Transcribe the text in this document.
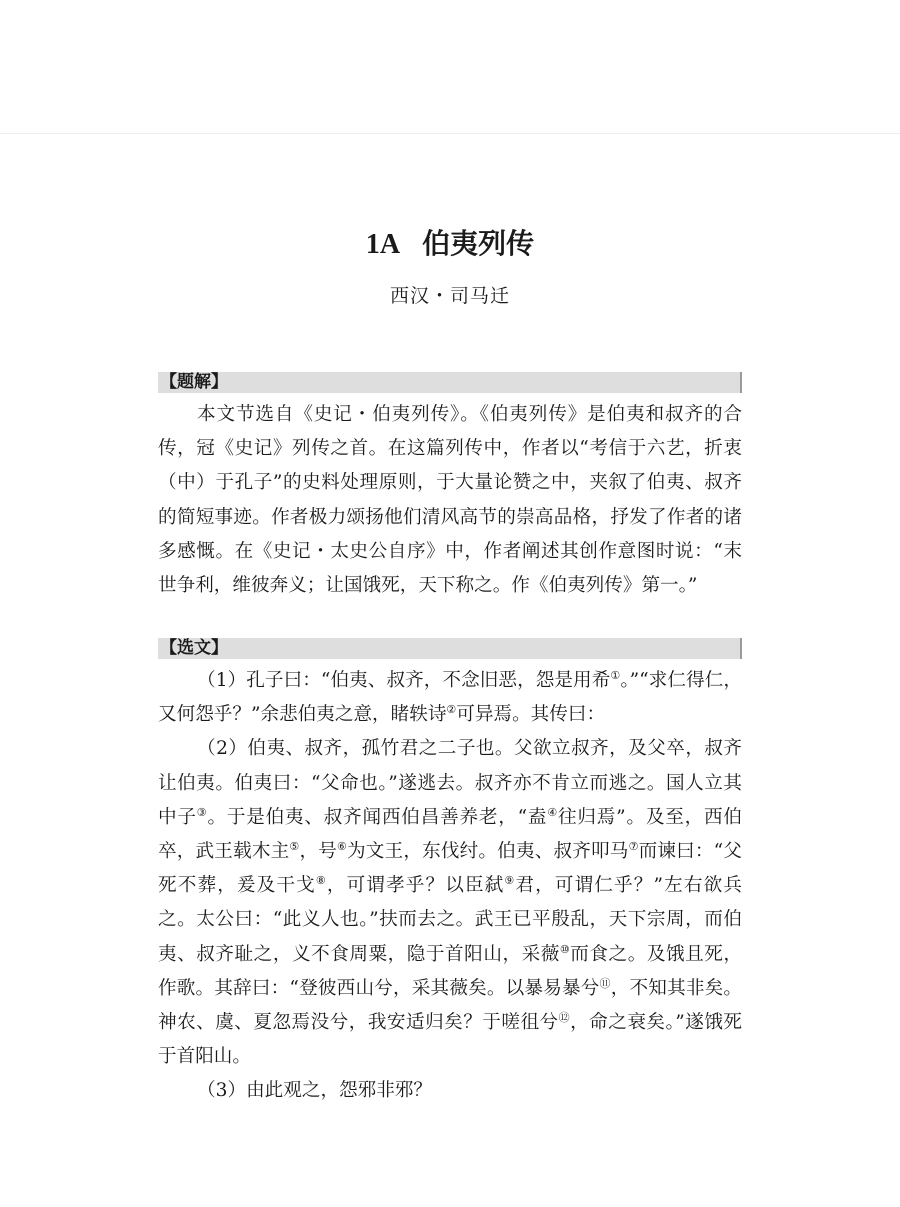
1A 伯夷列传
西汉・司马迁
【题解】

本文节选自《史记・伯夷列传》。《伯夷列传》是伯夷和叔齐的合传，冠《史记》列传之首。在这篇列传中，作者以“考信于六艺，折衷（中）于孔子”的史料处理原则，于大量论赞之中，夹叙了伯夷、叔齐的简短事迹。作者极力颂扬他们清风高节的崇高品格，抒发了作者的诸多感慨。在《史记・太史公自序》中，作者阐述其创作意图时说：“末世争利，维彼奔义；让国饿死，天下称之。作《伯夷列传》第一。”

【选文】

（1）孔子曰：“伯夷、叔齐，不念旧恶，怨是用希①。”“求仁得仁，又何怨乎？”余悲伯夷之意，睹轶诗②可异焉。其传曰：

（2）伯夷、叔齐，孤竹君之二子也。父欲立叔齐，及父卒，叔齐让伯夷。伯夷曰：“父命也。”遂逃去。叔齐亦不肯立而逃之。国人立其中子③。于是伯夷、叔齐闻西伯昌善养老，“盍④往归焉”。及至，西伯卒，武王载木主⑤，号⑥为文王，东伐纣。伯夷、叔齐叩马⑦而谏曰：“父死不葬，爰及干戈⑧，可谓孝乎？以臣弑⑨君，可谓仁乎？”左右欲兵之。太公曰：“此义人也。”扶而去之。武王已平殷乱，天下宗周，而伯夷、叔齐耻之，义不食周粟，隐于首阳山，采薇⑩而食之。及饿且死，作歌。其辞曰：“登彼西山兮，采其薇矣。以暴易暴兮⑪，不知其非矣。神农、虞、夏忽焉没兮，我安适归矣？于嗟徂兮⑫，命之衰矣。”遂饿死于首阳山。

（3）由此观之，怨邪非邪？
